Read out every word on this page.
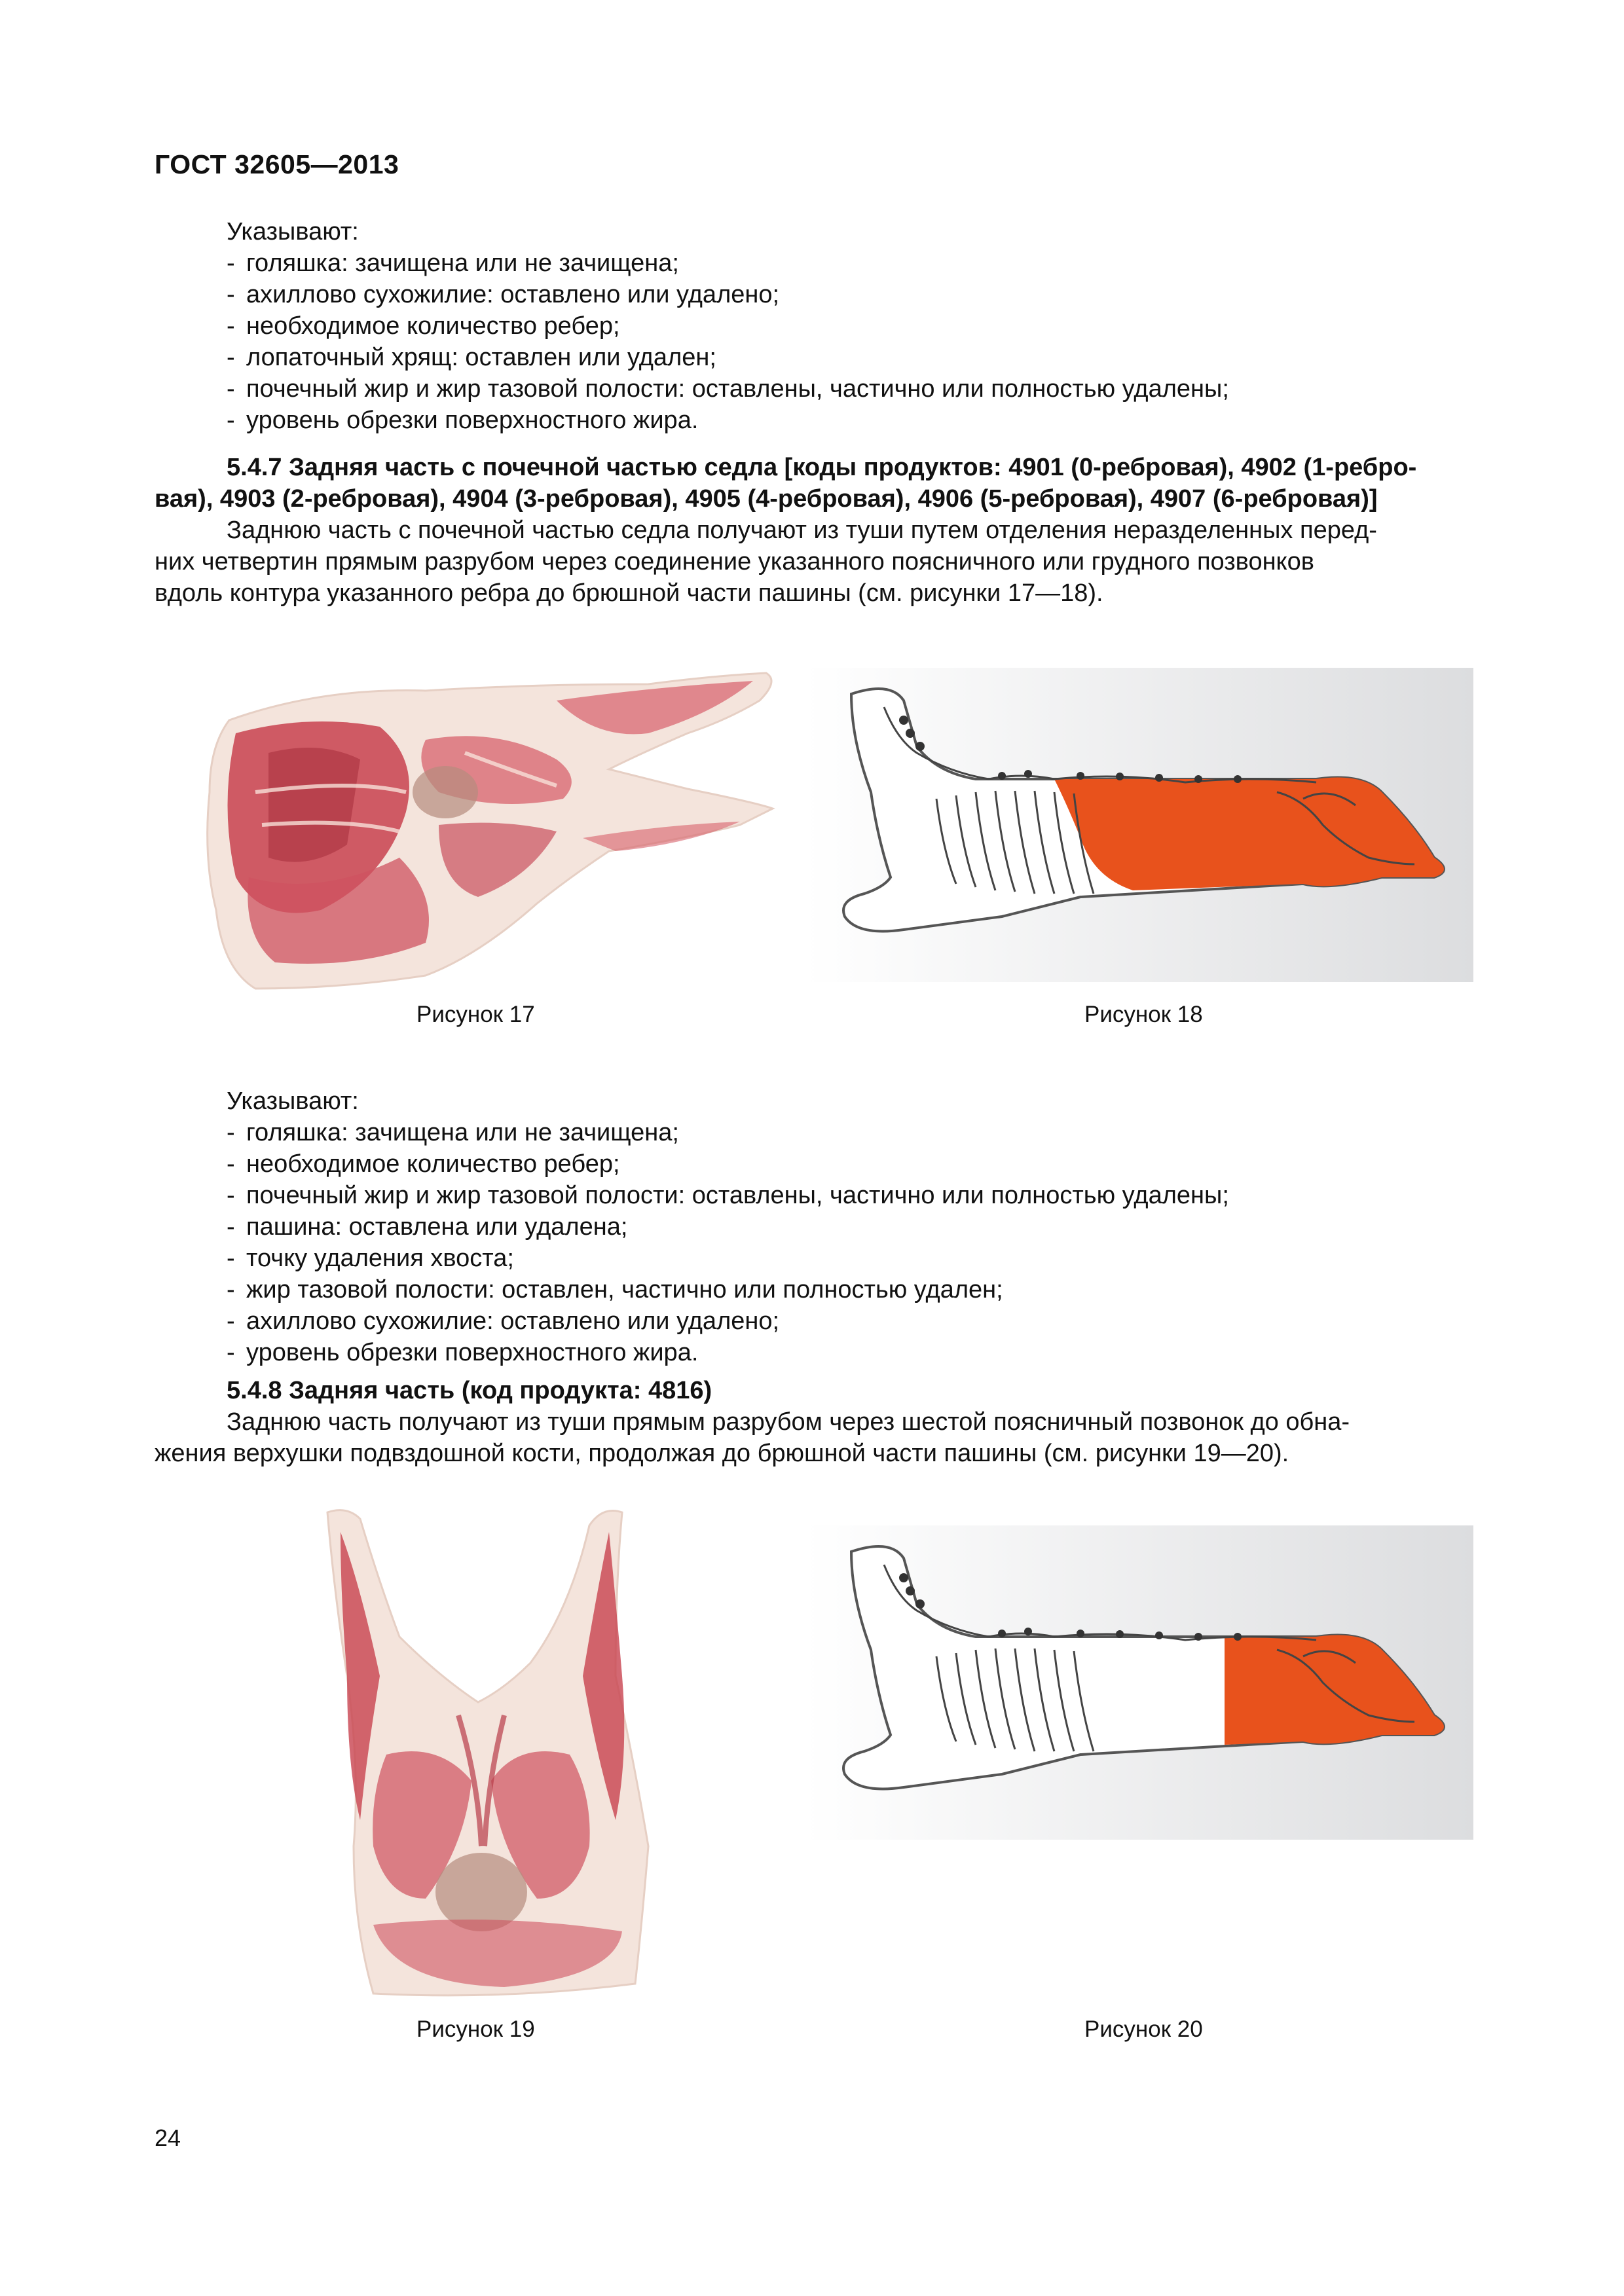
ГОСТ 32605—2013
Указывают:
- голяшка: зачищена или не зачищена;
- ахиллово сухожилие: оставлено или удалено;
- необходимое количество ребер;
- лопаточный хрящ: оставлен или удален;
- почечный жир и жир тазовой полости: оставлены, частично или полностью удалены;
- уровень обрезки поверхностного жира.
5.4.7 Задняя часть с почечной частью седла [коды продуктов: 4901 (0-ребровая), 4902 (1-ребро-
вая), 4903 (2-ребровая), 4904 (3-ребровая), 4905 (4-ребровая), 4906 (5-ребровая), 4907 (6-ребровая)]
Заднюю часть с почечной частью седла получают из туши путем отделения неразделенных перед-
них четвертин прямым разрубом через соединение указанного поясничного или грудного позвонков
вдоль контура указанного ребра до брюшной части пашины (см. рисунки 17—18).
Рисунок 17	Рисунок 18
Указывают:
- голяшка: зачищена или не зачищена;
- необходимое количество ребер;
- почечный жир и жир тазовой полости: оставлены, частично или полностью удалены;
- пашина: оставлена или удалена;
- точку удаления хвоста;
- жир тазовой полости: оставлен, частично или полностью удален;
- ахиллово сухожилие: оставлено или удалено;
- уровень обрезки поверхностного жира.
5.4.8 Задняя часть (код продукта: 4816)
Заднюю часть получают из туши прямым разрубом через шестой поясничный позвонок до обна-
жения верхушки подвздошной кости, продолжая до брюшной части пашины (см. рисунки 19—20).
Рисунок 19	Рисунок 20
24
